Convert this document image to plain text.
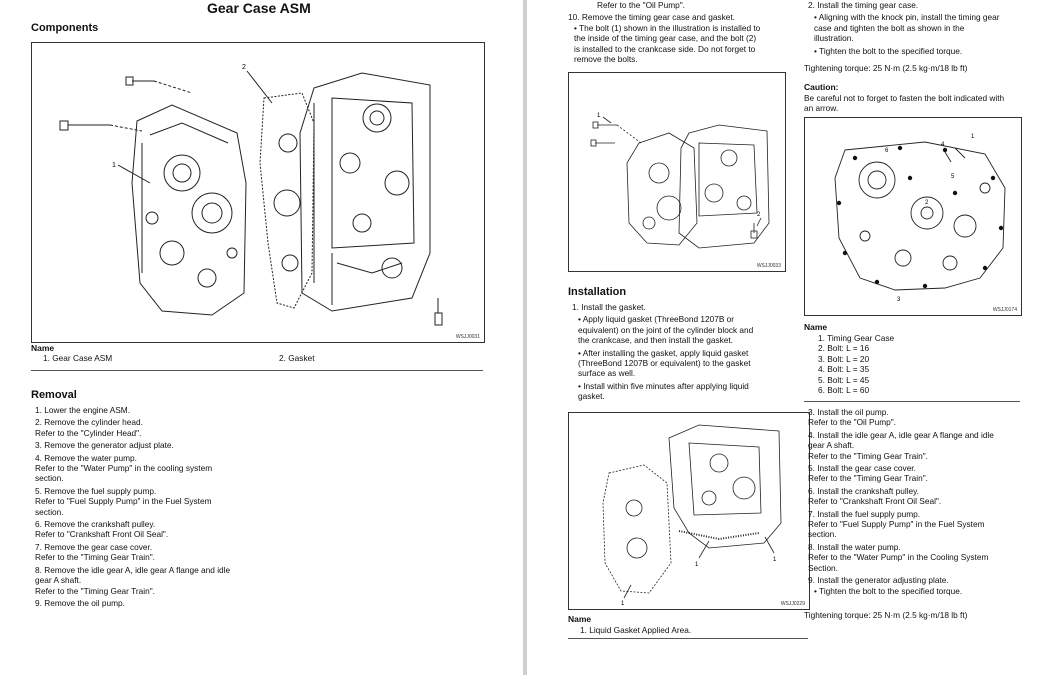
Gear Case ASM
Components
2
1
WSJJ0031
Name
1. Gear Case ASM	2. Gasket
Removal
1. Lower the engine ASM.
2. Remove the cylinder head.
Refer to the "Cylinder Head".
3. Remove the generator adjust plate.
4. Remove the water pump.
Refer to the "Water Pump" in the cooling system
section.
5. Remove the fuel supply pump.
Refer to "Fuel Supply Pump" in the Fuel System
section.
6. Remove the crankshaft pulley.
Refer to "Crankshaft Front Oil Seal".
7. Remove the gear case cover.
Refer to the "Timing Gear Train".
8. Remove the idle gear A, idle gear A flange and idle
gear A shaft.
Refer to the "Timing Gear Train".
9. Remove the oil pump.
Refer to the "Oil Pump".
10. Remove the timing gear case and gasket.
• The bolt (1) shown in the illustration is installed to
the inside of the timing gear case, and the bolt (2)
is installed to the crankcase side. Do not forget to
remove the bolts.
1
2
WSJJ0033
Installation
1. Install the gasket.
• Apply liquid gasket (ThreeBond 1207B or
equivalent) on the joint of the cylinder block and
the crankcase, and then install the gasket.
• After installing the gasket, apply liquid gasket
(ThreeBond 1207B or equivalent) to the gasket
surface as well.
• Install within five minutes after applying liquid
gasket.
1
1
1
WSJJ0229
Name
1. Liquid Gasket Applied Area.
2. Install the timing gear case.
• Aligning with the knock pin, install the timing gear
case and tighten the bolt as shown in the
illustration.
• Tighten the bolt to the specified torque.
Tightening torque: 25 N·m (2.5 kg·m/18 lb ft)
Caution:
Be careful not to forget to fasten the bolt indicated with
an arrow.
1
2
3
4
5
6
WSJJ0174
Name
1. Timing Gear Case
2. Bolt: L = 16
3. Bolt: L = 20
4. Bolt: L = 35
5. Bolt: L = 45
6. Bolt: L = 60
3. Install the oil pump.
Refer to the "Oil Pump".
4. Install the idle gear A, idle gear A flange and idle
gear A shaft.
Refer to the "Timing Gear Train".
5. Install the gear case cover.
Refer to the "Timing Gear Train".
6. Install the crankshaft pulley.
Refer to "Crankshaft Front Oil Seal".
7. Install the fuel supply pump.
Refer to "Fuel Supply Pump" in the Fuel System
section.
8. Install the water pump.
Refer to the "Water Pump" in the Cooling System
Section.
9. Install the generator adjusting plate.
• Tighten the bolt to the specified torque.
Tightening torque: 25 N·m (2.5 kg·m/18 lb ft)
